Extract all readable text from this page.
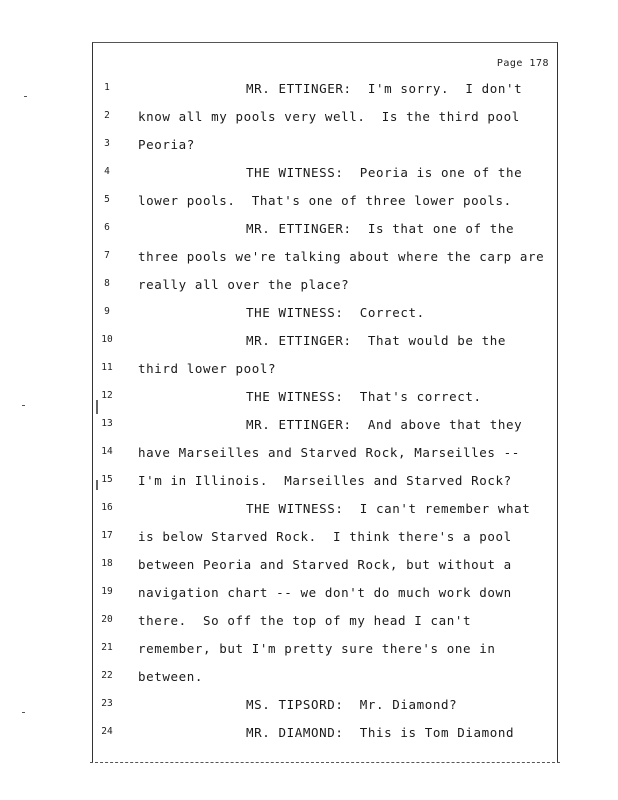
Page 178
1	MR. ETTINGER:  I'm sorry.  I don't
2	know all my pools very well.  Is the third pool
3	Peoria?
4	THE WITNESS:  Peoria is one of the
5	lower pools.  That's one of three lower pools.
6	MR. ETTINGER:  Is that one of the
7	three pools we're talking about where the carp are
8	really all over the place?
9	THE WITNESS:  Correct.
10	MR. ETTINGER:  That would be the
11	third lower pool?
12	THE WITNESS:  That's correct.
13	MR. ETTINGER:  And above that they
14	have Marseilles and Starved Rock, Marseilles --
15	I'm in Illinois.  Marseilles and Starved Rock?
16	THE WITNESS:  I can't remember what
17	is below Starved Rock.  I think there's a pool
18	between Peoria and Starved Rock, but without a
19	navigation chart -- we don't do much work down
20	there.  So off the top of my head I can't
21	remember, but I'm pretty sure there's one in
22	between.
23	MS. TIPSORD:  Mr. Diamond?
24	MR. DIAMOND:  This is Tom Diamond
